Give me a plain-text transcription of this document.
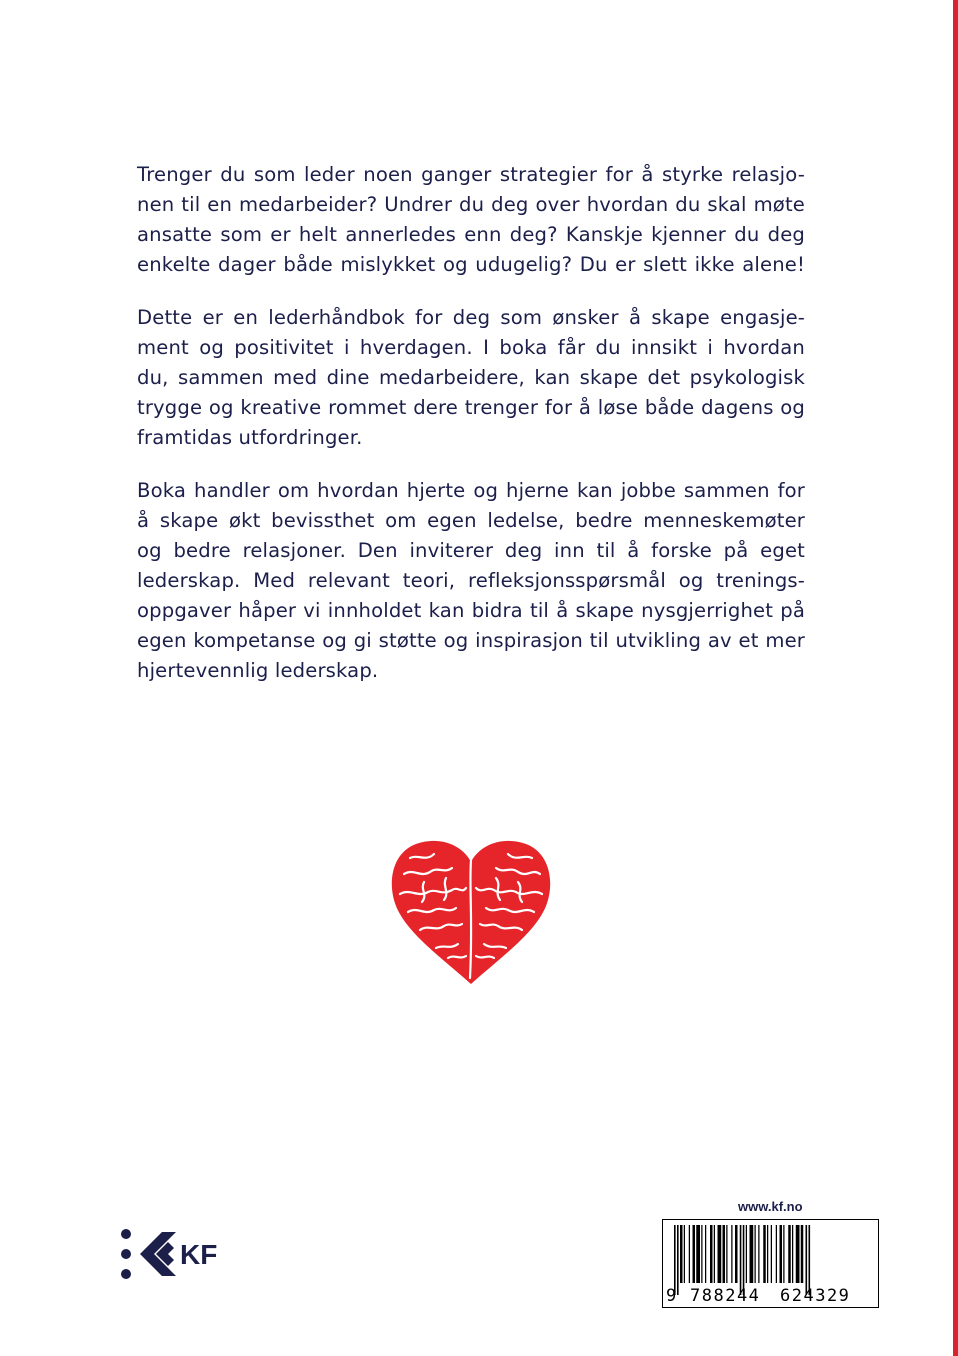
Trenger du som leder noen ganger strategier for å styrke relasjo-
nen til en medarbeider? Undrer du deg over hvordan du skal møte
ansatte som er helt annerledes enn deg? Kanskje kjenner du deg
enkelte dager både mislykket og udugelig? Du er slett ikke alene!

Dette er en lederhåndbok for deg som ønsker å skape engasje-
ment og positivitet i hverdagen. I boka får du innsikt i hvordan
du, sammen med dine medarbeidere, kan skape det psykologisk
trygge og kreative rommet dere trenger for å løse både dagens og
framtidas utfordringer.

Boka handler om hvordan hjerte og hjerne kan jobbe sammen for
å skape økt bevissthet om egen ledelse, bedre menneskemøter
og bedre relasjoner. Den inviterer deg inn til å forske på eget
lederskap. Med relevant teori, refleksjonsspørsmål og trenings-
oppgaver håper vi innholdet kan bidra til å skape nysgjerrighet på
egen kompetanse og gi støtte og inspirasjon til utvikling av et mer
hjertevennlig lederskap.

KF
www.kf.no
9 788244 624329
